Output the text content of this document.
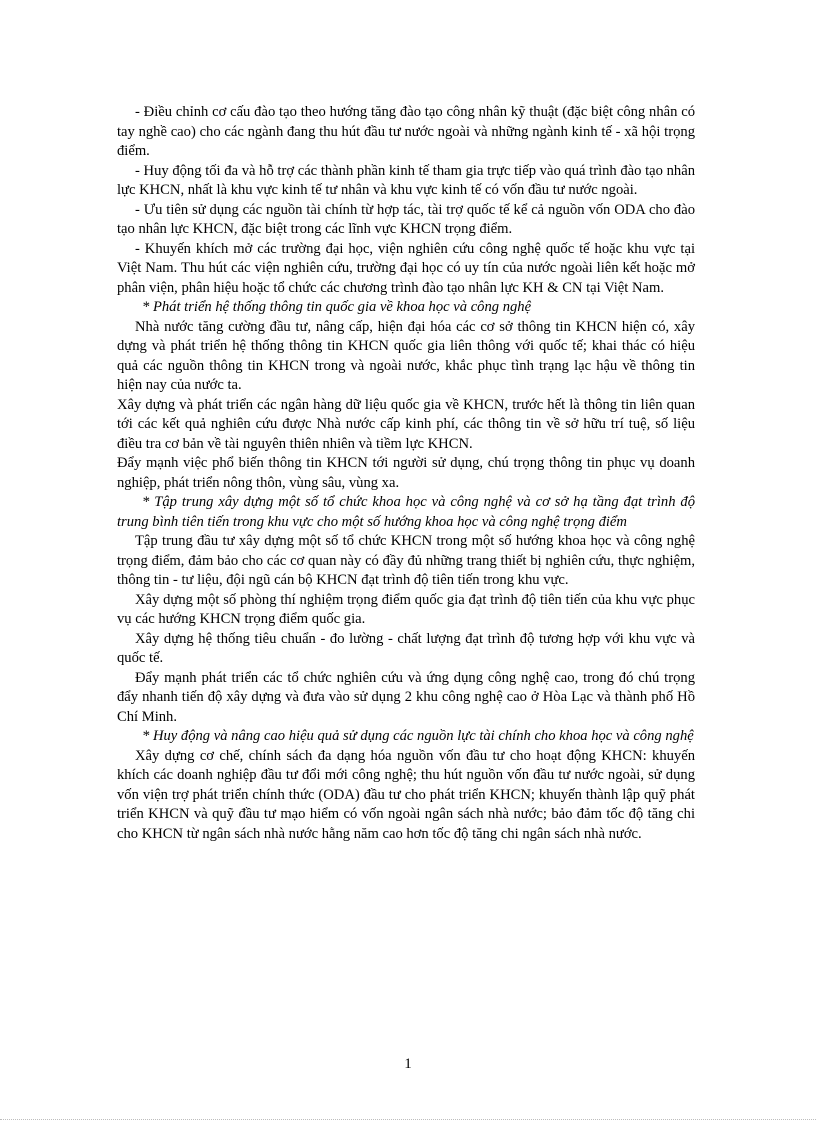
- Điều chỉnh cơ cấu đào tạo theo hướng tăng đào tạo công nhân kỹ thuật (đặc biệt công nhân có tay nghề cao) cho các ngành đang thu hút đầu tư nước ngoài và những ngành kinh tế - xã hội trọng điểm.

- Huy động tối đa và hỗ trợ các thành phần kinh tế tham gia trực tiếp vào quá trình đào tạo nhân lực KHCN, nhất là khu vực kinh tế tư nhân và khu vực kinh tế có vốn đầu tư nước ngoài.

- Ưu tiên sử dụng các nguồn tài chính từ hợp tác, tài trợ quốc tế kể cả nguồn vốn ODA cho đào tạo nhân lực KHCN, đặc biệt trong các lĩnh vực KHCN trọng điểm.

- Khuyến khích mở các trường đại học, viện nghiên cứu công nghệ quốc tế hoặc khu vực tại Việt Nam. Thu hút các viện nghiên cứu, trường đại học có uy tín của nước ngoài liên kết hoặc mở phân viện, phân hiệu hoặc tổ chức các chương trình đào tạo nhân lực KH & CN tại Việt Nam.

* Phát triển hệ thống thông tin quốc gia về khoa học và công nghệ

Nhà nước tăng cường đầu tư, nâng cấp, hiện đại hóa các cơ sở thông tin KHCN hiện có, xây dựng và phát triển hệ thống thông tin KHCN quốc gia liên thông với quốc tế; khai thác có hiệu quả các nguồn thông tin KHCN trong và ngoài nước, khắc phục tình trạng lạc hậu về thông tin hiện nay của nước ta.

Xây dựng và phát triển các ngân hàng dữ liệu quốc gia về KHCN, trước hết là thông tin liên quan tới các kết quả nghiên cứu được Nhà nước cấp kinh phí, các thông tin về sở hữu trí tuệ, số liệu điều tra cơ bản về tài nguyên thiên nhiên và tiềm lực KHCN.

Đẩy mạnh việc phổ biến thông tin KHCN tới người sử dụng, chú trọng thông tin phục vụ doanh nghiệp, phát triển nông thôn, vùng sâu, vùng xa.

* Tập trung xây dựng một số tổ chức khoa học và công nghệ và cơ sở hạ tầng đạt trình độ trung bình tiên tiến trong khu vực cho một số hướng khoa học và công nghệ trọng điểm

Tập trung đầu tư xây dựng một số tổ chức KHCN trong một số hướng khoa học và công nghệ trọng điểm, đảm bảo cho các cơ quan này có đầy đủ những trang thiết bị nghiên cứu, thực nghiệm, thông tin - tư liệu, đội ngũ cán bộ KHCN đạt trình độ tiên tiến trong khu vực.

Xây dựng một số phòng thí nghiệm trọng điểm quốc gia đạt trình độ tiên tiến của khu vực phục vụ các hướng KHCN trọng điểm quốc gia.

Xây dựng hệ thống tiêu chuẩn - đo lường - chất lượng đạt trình độ tương hợp với khu vực và quốc tế.

Đẩy mạnh phát triển các tổ chức nghiên cứu và ứng dụng công nghệ cao, trong đó chú trọng đẩy nhanh tiến độ xây dựng và đưa vào sử dụng 2 khu công nghệ cao ở Hòa Lạc và thành phố Hồ Chí Minh.

* Huy động và nâng cao hiệu quả sử dụng các nguồn lực tài chính cho khoa học và công nghệ

Xây dựng cơ chế, chính sách đa dạng hóa nguồn vốn đầu tư cho hoạt động KHCN: khuyến khích các doanh nghiệp đầu tư đổi mới công nghệ; thu hút nguồn vốn đầu tư nước ngoài, sử dụng vốn viện trợ phát triển chính thức (ODA) đầu tư cho phát triển KHCN; khuyến thành lập quỹ phát triển KHCN và quỹ đầu tư mạo hiểm có vốn ngoài ngân sách nhà nước; bảo đảm tốc độ tăng chi cho KHCN từ ngân sách nhà nước hằng năm cao hơn tốc độ tăng chi ngân sách nhà nước.

1
